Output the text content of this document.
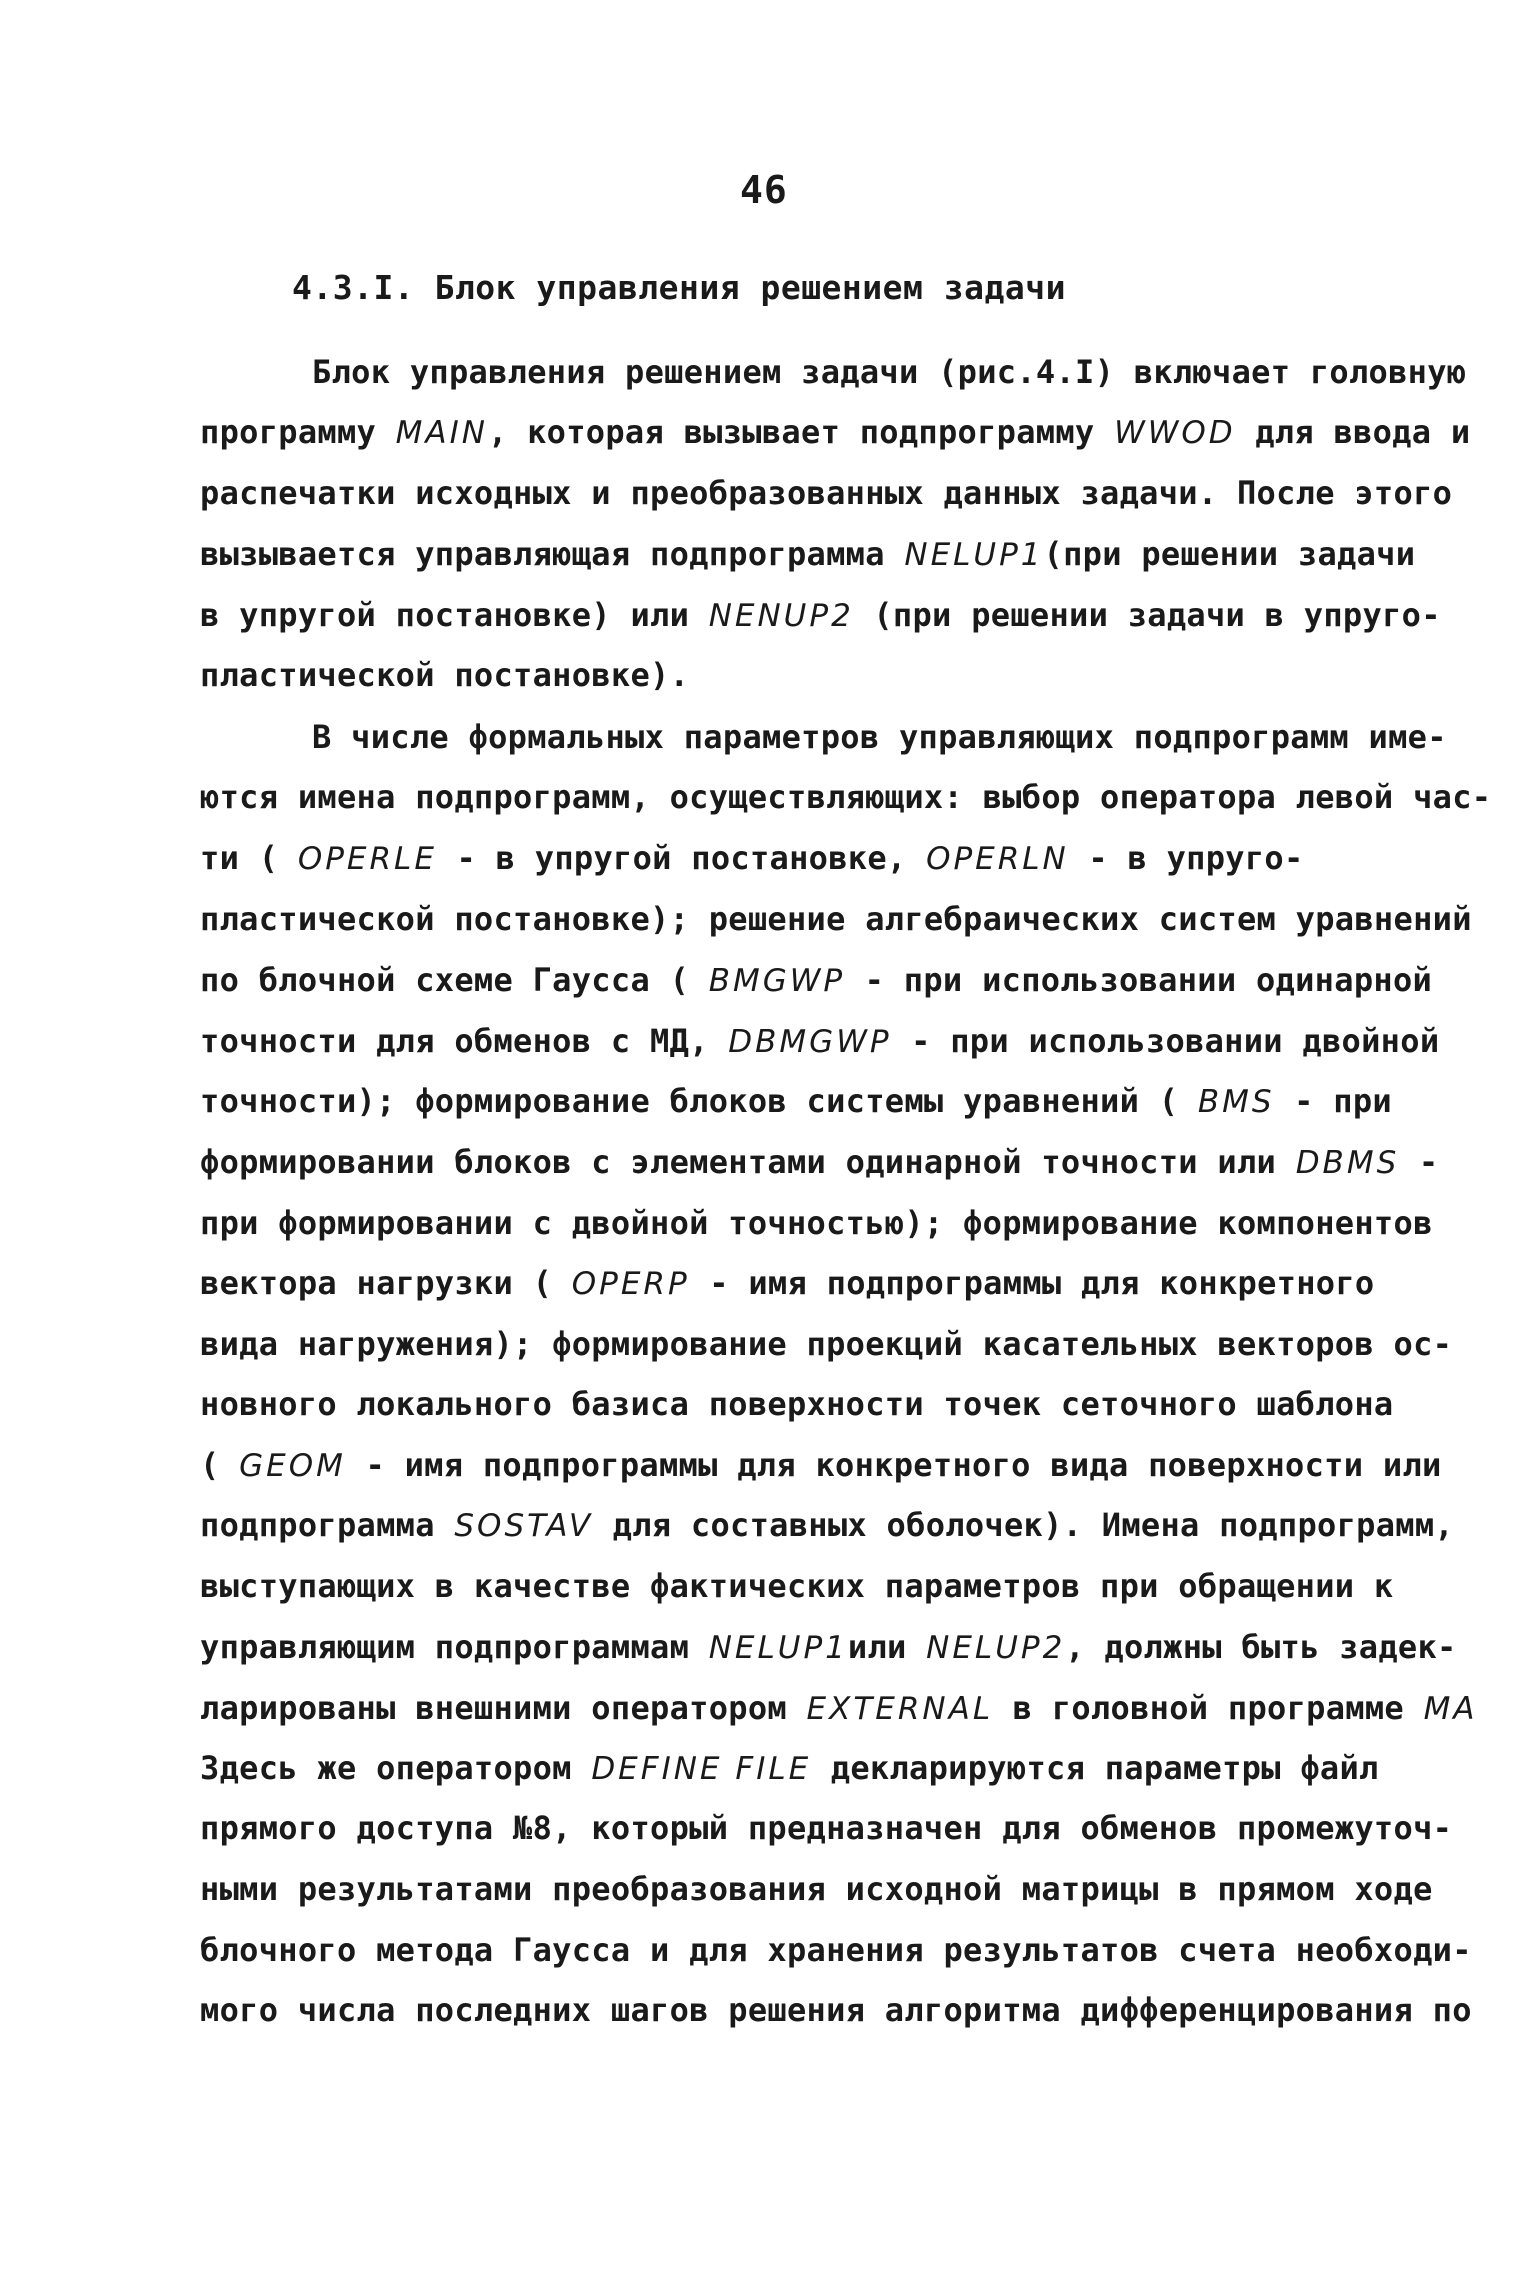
46
4.3.I. Блок управления решением задачи
Блок управления решением задачи (рис.4.I) включает головную
программу MAIN, которая вызывает подпрограмму WWOD для ввода и
распечатки исходных и преобразованных данных задачи. После этого
вызывается управляющая подпрограмма NELUP1(при решении задачи
в упругой постановке) или NENUP2 (при решении задачи в упруго-
пластической постановке).
В числе формальных параметров управляющих подпрограмм име-
ются имена подпрограмм, осуществляющих: выбор оператора левой час-
ти ( OPERLE - в упругой постановке, OPERLN - в упруго-
пластической постановке); решение алгебраических систем уравнений
по блочной схеме Гаусса ( BMGWP - при использовании одинарной
точности для обменов с МД, DBMGWP - при использовании двойной
точности); формирование блоков системы уравнений ( BMS - при
формировании блоков с элементами одинарной точности или DBMS -
при формировании с двойной точностью); формирование компонентов
вектора нагрузки ( OPERP - имя подпрограммы для конкретного
вида нагружения); формирование проекций касательных векторов ос-
новного локального базиса поверхности точек сеточного шаблона
( GEOM - имя подпрограммы для конкретного вида поверхности или
подпрограмма SOSTAV для составных оболочек). Имена подпрограмм,
выступающих в качестве фактических параметров при обращении к
управляющим подпрограммам NELUP1или NELUP2, должны быть задек-
ларированы внешними оператором EXTERNAL в головной программе MA
Здесь же оператором DEFINE FILE декларируются параметры файл
прямого доступа №8, который предназначен для обменов промежуточ-
ными результатами преобразования исходной матрицы в прямом ходе
блочного метода Гаусса и для хранения результатов счета необходи-
мого числа последних шагов решения алгоритма дифференцирования по
